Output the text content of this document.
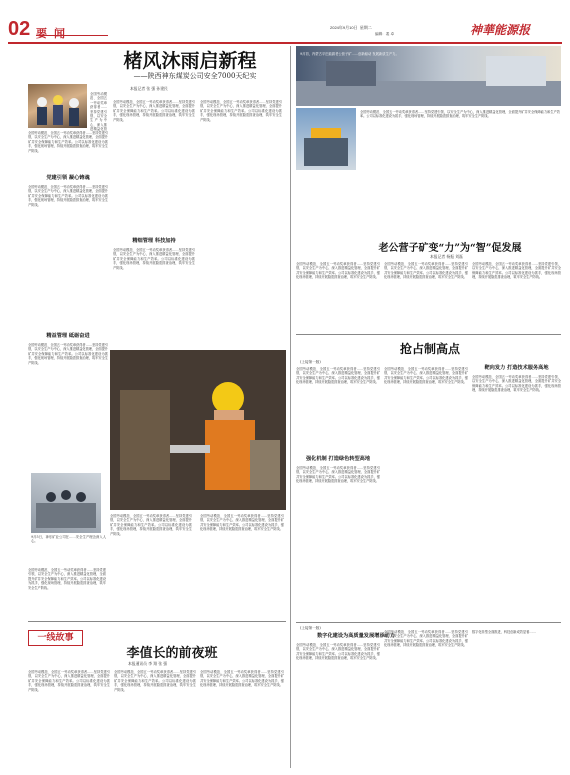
02 要 闻
2024年9月10日 星期二
编辑：裴 卓	神華能源报
楮风沐雨启新程
——陕西神东煤炭公司安全7000天纪实
本报记者 张 强 孙建民
全国劳动模范、全国五一劳动奖章获得者……坚持党建引领，以安全生产为中心，深入推进精益化管
全国劳动模范、全国五一劳动奖章获得者……坚持党建引领，以安全生产为中心，深入推进精益化管理，全面提升矿井安全保障能力和生产效率。公司以标准化建设为抓手，强化现场管理，持续开展隐患排查治理，筑牢安全生产防线。
党建引领 凝心铸魂
全国劳动模范、全国五一劳动奖章获得者……坚持党建引领，以安全生产为中心，深入推进精益化管理，全面提升矿井安全保障能力和生产效率。公司以标准化建设为抓手，强化现场管理，持续开展隐患排查治理，筑牢安全生产防线。
精益管理 砥砺奋进
全国劳动模范、全国五一劳动奖章获得者……坚持党建引领，以安全生产为中心，深入推进精益化管理，全面提升矿井安全保障能力和生产效率。公司以标准化建设为抓手，强化现场管理，持续开展隐患排查治理，筑牢安全生产防线。
全国劳动模范、全国五一劳动奖章获得者……坚持党建引领，以安全生产为中心，深入推进精益化管理，全面提升矿井安全保障能力和生产效率。公司以标准化建设为抓手，强化现场管理，持续开展隐患排查治理，筑牢安全生产防线。
精细管理 科技加持
全国劳动模范、全国五一劳动奖章获得者……坚持党建引领，以安全生产为中心，深入推进精益化管理，全面提升矿井安全保障能力和生产效率。公司以标准化建设为抓手，强化现场管理，持续开展隐患排查治理，筑牢安全生产防线。
全国劳动模范、全国五一劳动奖章获得者……坚持党建引领，以安全生产为中心，深入推进精益化管理，全面提升矿井安全保障能力和生产效率。公司以标准化建设为抓手，强化现场管理，持续开展隐患排查治理，筑牢安全生产防线。
9月5日，神东矿业公司在……安全生产理念深入人心。
全国劳动模范、全国五一劳动奖章获得者……坚持党建引领，以安全生产为中心，深入推进精益化管理，全面提升矿井安全保障能力和生产效率。公司以标准化建设为抓手，强化现场管理，持续开展隐患排查治理，筑牢安全生产防线。
全国劳动模范、全国五一劳动奖章获得者……坚持党建引领，以安全生产为中心，深入推进精益化管理，全面提升矿井安全保障能力和生产效率。公司以标准化建设为抓手，强化现场管理，持续开展隐患排查治理，筑牢安全生产防线。
全国劳动模范、全国五一劳动奖章获得者……坚持党建引领，以安全生产为中心，深入推进精益化管理，全面提升矿井安全保障能力和生产效率。公司以标准化建设为抓手，强化现场管理，持续开展隐患排查治理，筑牢安全生产防线。
一线故事
李值长的前夜班
本报通讯员 李 翔 张 强
全国劳动模范、全国五一劳动奖章获得者……坚持党建引领，以安全生产为中心，深入推进精益化管理，全面提升矿井安全保障能力和生产效率。公司以标准化建设为抓手，强化现场管理，持续开展隐患排查治理，筑牢安全生产防线。
全国劳动模范、全国五一劳动奖章获得者……坚持党建引领，以安全生产为中心，深入推进精益化管理，全面提升矿井安全保障能力和生产效率。公司以标准化建设为抓手，强化现场管理，持续开展隐患排查治理，筑牢安全生产防线。
全国劳动模范、全国五一劳动奖章获得者……坚持党建引领，以安全生产为中心，深入推进精益化管理，全面提升矿井安全保障能力和生产效率。公司以标准化建设为抓手，强化现场管理，持续开展隐患排查治理，筑牢安全生产防线。
9月初，内蒙古平庄能源老公营子矿……创新驱动 发展新质生产力。
全国劳动模范、全国五一劳动奖章获得者……坚持党建引领，以安全生产为中心，深入推进精益化管理，全面提升矿井安全保障能力和生产效率。公司以标准化建设为抓手，强化现场管理，持续开展隐患排查治理，筑牢安全生产防线。
老公营子矿变“力”为“智”促发展
本报记者 杨振 刘磊
全国劳动模范、全国五一劳动奖章获得者……坚持党建引领，以安全生产为中心，深入推进精益化管理，全面提升矿井安全保障能力和生产效率。公司以标准化建设为抓手，强化现场管理，持续开展隐患排查治理，筑牢安全生产防线。
全国劳动模范、全国五一劳动奖章获得者……坚持党建引领，以安全生产为中心，深入推进精益化管理，全面提升矿井安全保障能力和生产效率。公司以标准化建设为抓手，强化现场管理，持续开展隐患排查治理，筑牢安全生产防线。
全国劳动模范、全国五一劳动奖章获得者……坚持党建引领，以安全生产为中心，深入推进精益化管理，全面提升矿井安全保障能力和生产效率。公司以标准化建设为抓手，强化现场管理，持续开展隐患排查治理，筑牢安全生产防线。
抢占制高点
(上接第一版)
全国劳动模范、全国五一劳动奖章获得者……坚持党建引领，以安全生产为中心，深入推进精益化管理，全面提升矿井安全保障能力和生产效率。公司以标准化建设为抓手，强化现场管理，持续开展隐患排查治理，筑牢安全生产防线。
强化机制 打造绿色转型高地
全国劳动模范、全国五一劳动奖章获得者……坚持党建引领，以安全生产为中心，深入推进精益化管理，全面提升矿井安全保障能力和生产效率。公司以标准化建设为抓手，强化现场管理，持续开展隐患排查治理，筑牢安全生产防线。
全国劳动模范、全国五一劳动奖章获得者……坚持党建引领，以安全生产为中心，深入推进精益化管理，全面提升矿井安全保障能力和生产效率。公司以标准化建设为抓手，强化现场管理，持续开展隐患排查治理，筑牢安全生产防线。
靶向发力 打造技术服务高地
全国劳动模范、全国五一劳动奖章获得者……坚持党建引领，以安全生产为中心，深入推进精益化管理，全面提升矿井安全保障能力和生产效率。公司以标准化建设为抓手，强化现场管理，持续开展隐患排查治理，筑牢安全生产防线。
(上接第一版)
数字化建设为高质量发展增添动力
全国劳动模范、全国五一劳动奖章获得者……坚持党建引领，以安全生产为中心，深入推进精益化管理，全面提升矿井安全保障能力和生产效率。公司以标准化建设为抓手，强化现场管理，持续开展隐患排查治理，筑牢安全生产防线。
全国劳动模范、全国五一劳动奖章获得者……坚持党建引领，以安全生产为中心，深入推进精益化管理，全面提升矿井安全保障能力和生产效率。公司以标准化建设为抓手，强化现场管理，持续开展隐患排查治理，筑牢安全生产防线。
数字化转型全面推进，科技创新成效显著……
